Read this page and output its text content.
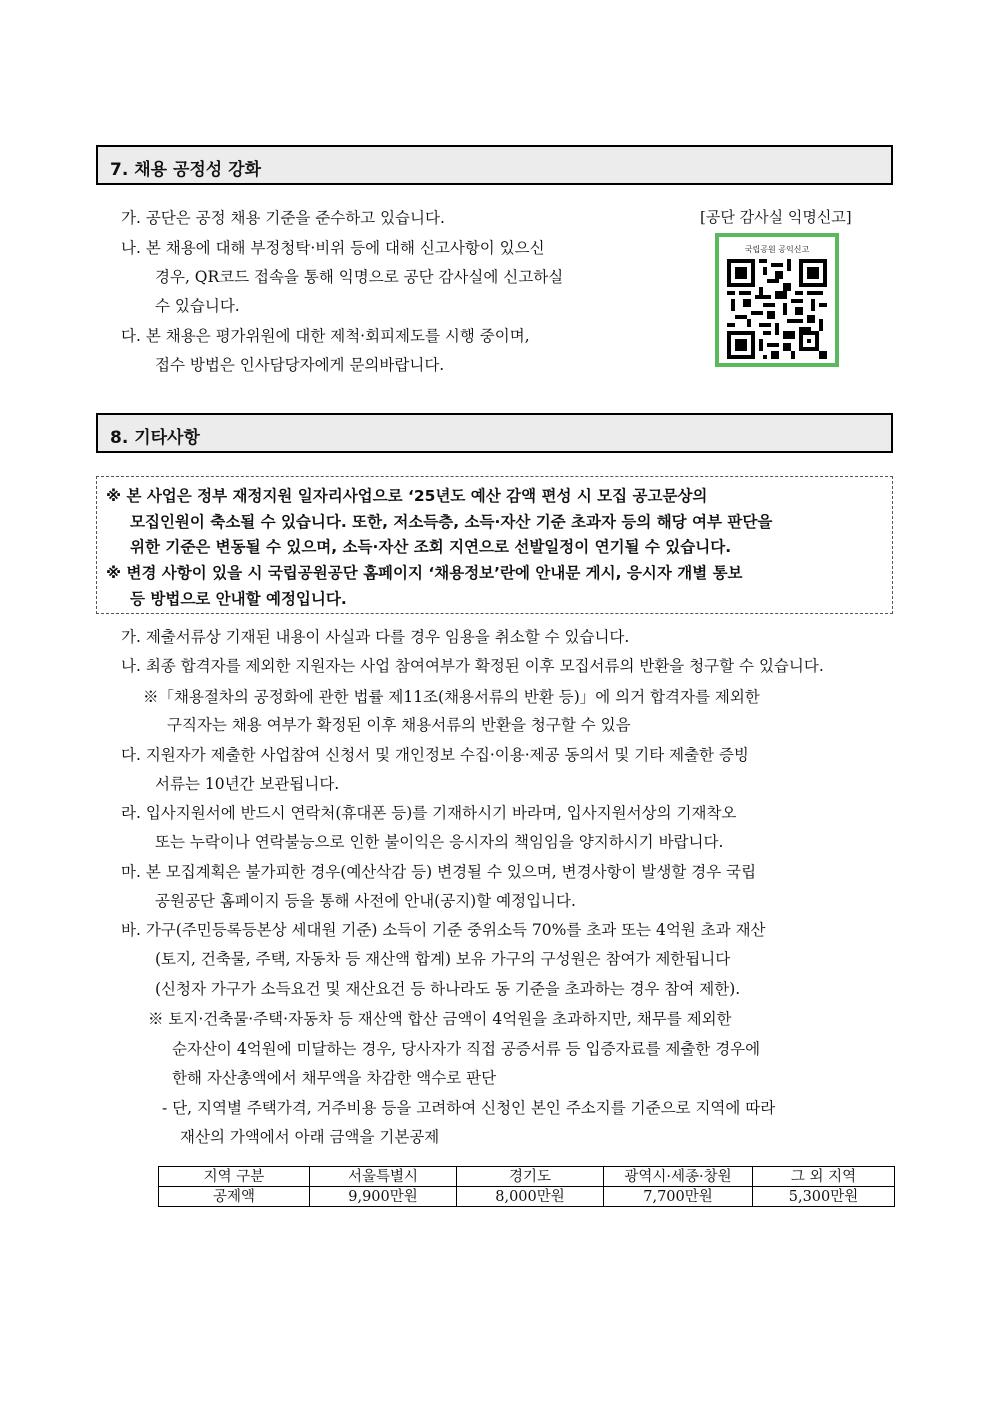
7. 채용 공정성 강화
가. 공단은 공정 채용 기준을 준수하고 있습니다.
나. 본 채용에 대해 부정청탁·비위 등에 대해 신고사항이 있으신
경우, QR코드 접속을 통해 익명으로 공단 감사실에 신고하실
수 있습니다.
다. 본 채용은 평가위원에 대한 제척·회피제도를 시행 중이며,
접수 방법은 인사담당자에게 문의바랍니다.
[공단 감사실 익명신고]
국립공원 공익신고
8. 기타사항
※ 본 사업은 정부 재정지원 일자리사업으로 ‘25년도 예산 감액 편성 시 모집 공고문상의
모집인원이 축소될 수 있습니다. 또한, 저소득층, 소득·자산 기준 초과자 등의 해당 여부 판단을
위한 기준은 변동될 수 있으며, 소득·자산 조회 지연으로 선발일정이 연기될 수 있습니다.
※ 변경 사항이 있을 시 국립공원공단 홈페이지 ‘채용정보’란에 안내문 게시, 응시자 개별 통보
등 방법으로 안내할 예정입니다.
가. 제출서류상 기재된 내용이 사실과 다를 경우 임용을 취소할 수 있습니다.
나. 최종 합격자를 제외한 지원자는 사업 참여여부가 확정된 이후 모집서류의 반환을 청구할 수 있습니다.
※「채용절차의 공정화에 관한 법률 제11조(채용서류의 반환 등)」에 의거 합격자를 제외한
구직자는 채용 여부가 확정된 이후 채용서류의 반환을 청구할 수 있음
다. 지원자가 제출한 사업참여 신청서 및 개인정보 수집·이용·제공 동의서 및 기타 제출한 증빙
서류는 10년간 보관됩니다.
라. 입사지원서에 반드시 연락처(휴대폰 등)를 기재하시기 바라며, 입사지원서상의 기재착오
또는 누락이나 연락불능으로 인한 불이익은 응시자의 책임임을 양지하시기 바랍니다.
마. 본 모집계획은 불가피한 경우(예산삭감 등) 변경될 수 있으며, 변경사항이 발생할 경우 국립
공원공단 홈페이지 등을 통해 사전에 안내(공지)할 예정입니다.
바. 가구(주민등록등본상 세대원 기준) 소득이 기준 중위소득 70%를 초과 또는 4억원 초과 재산
(토지, 건축물, 주택, 자동차 등 재산액 합계) 보유 가구의 구성원은 참여가 제한됩니다
(신청자 가구가 소득요건 및 재산요건 등 하나라도 동 기준을 초과하는 경우 참여 제한).
※ 토지·건축물·주택·자동차 등 재산액 합산 금액이 4억원을 초과하지만, 채무를 제외한
순자산이 4억원에 미달하는 경우, 당사자가 직접 공증서류 등 입증자료를 제출한 경우에
한해 자산총액에서 채무액을 차감한 액수로 판단
- 단, 지역별 주택가격, 거주비용 등을 고려하여 신청인 본인 주소지를 기준으로 지역에 따라
재산의 가액에서 아래 금액을 기본공제
지역 구분	서울특별시	경기도	광역시·세종·창원	그 외 지역
공제액	9,900만원	8,000만원	7,700만원	5,300만원
